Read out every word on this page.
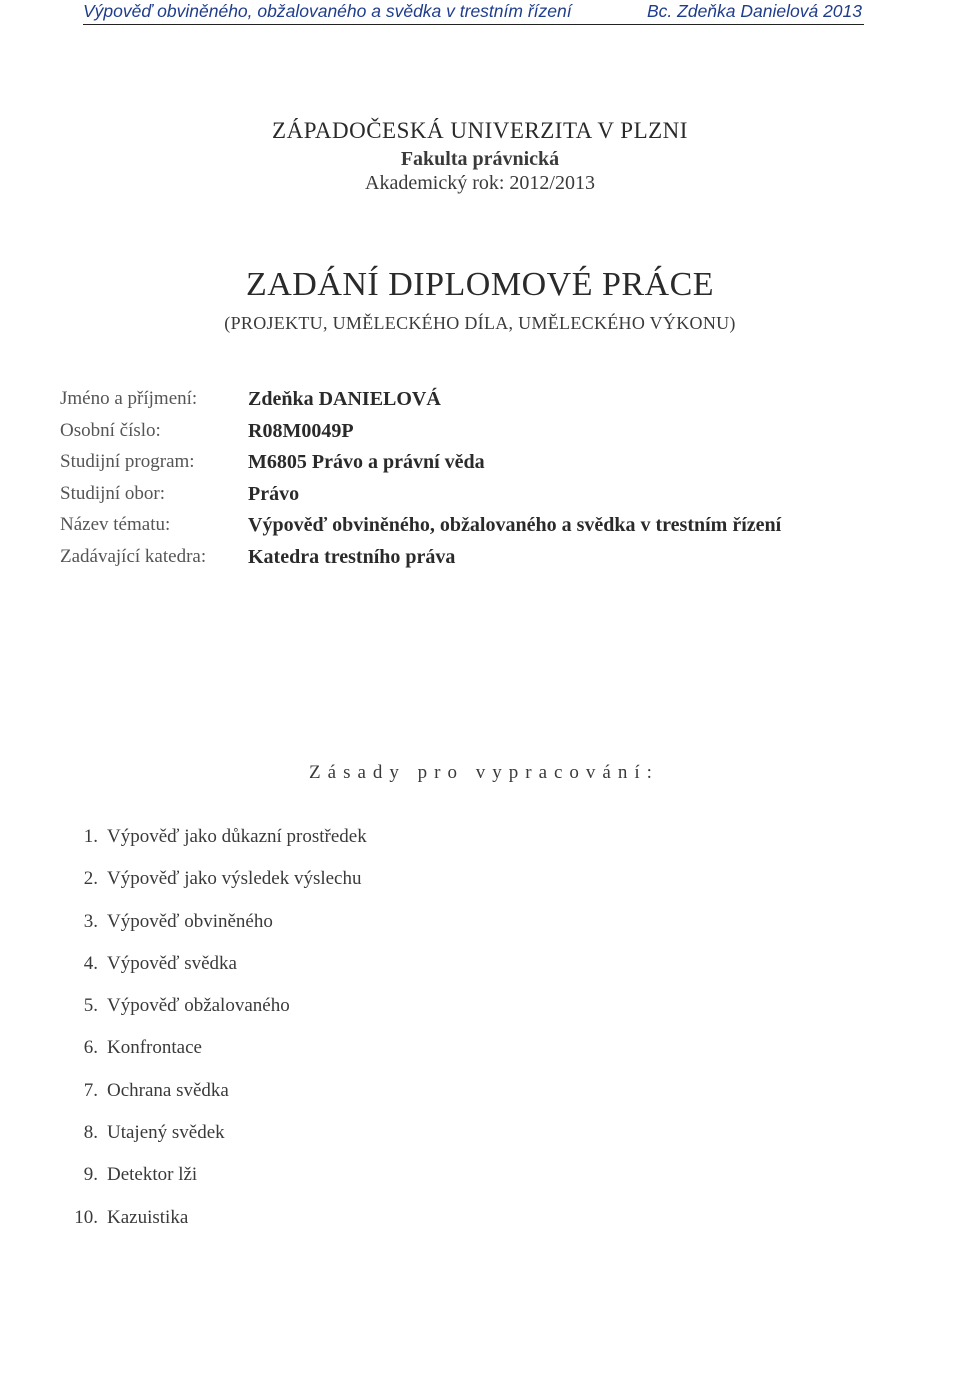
Výpověď obviněného, obžalovaného a svědka v trestním řízení	Bc. Zdeňka Danielová 2013
ZÁPADOČESKÁ UNIVERZITA V PLZNI
Fakulta právnická
Akademický rok: 2012/2013
ZADÁNÍ DIPLOMOVÉ PRÁCE
(PROJEKTU, UMĚLECKÉHO DÍLA, UMĚLECKÉHO VÝKONU)
Jméno a příjmení:	Zdeňka DANIELOVÁ
Osobní číslo:	R08M0049P
Studijní program:	M6805 Právo a právní věda
Studijní obor:	Právo
Název tématu:	Výpověď obviněného, obžalovaného a svědka v trestním řízení
Zadávající katedra: Katedra trestního práva
Zásady pro vypracování:
1. Výpověď jako důkazní prostředek
2. Výpověď jako výsledek výslechu
3. Výpověď obviněného
4. Výpověď svědka
5. Výpověď obžalovaného
6. Konfrontace
7. Ochrana svědka
8. Utajený svědek
9. Detektor lži
10. Kazuistika
